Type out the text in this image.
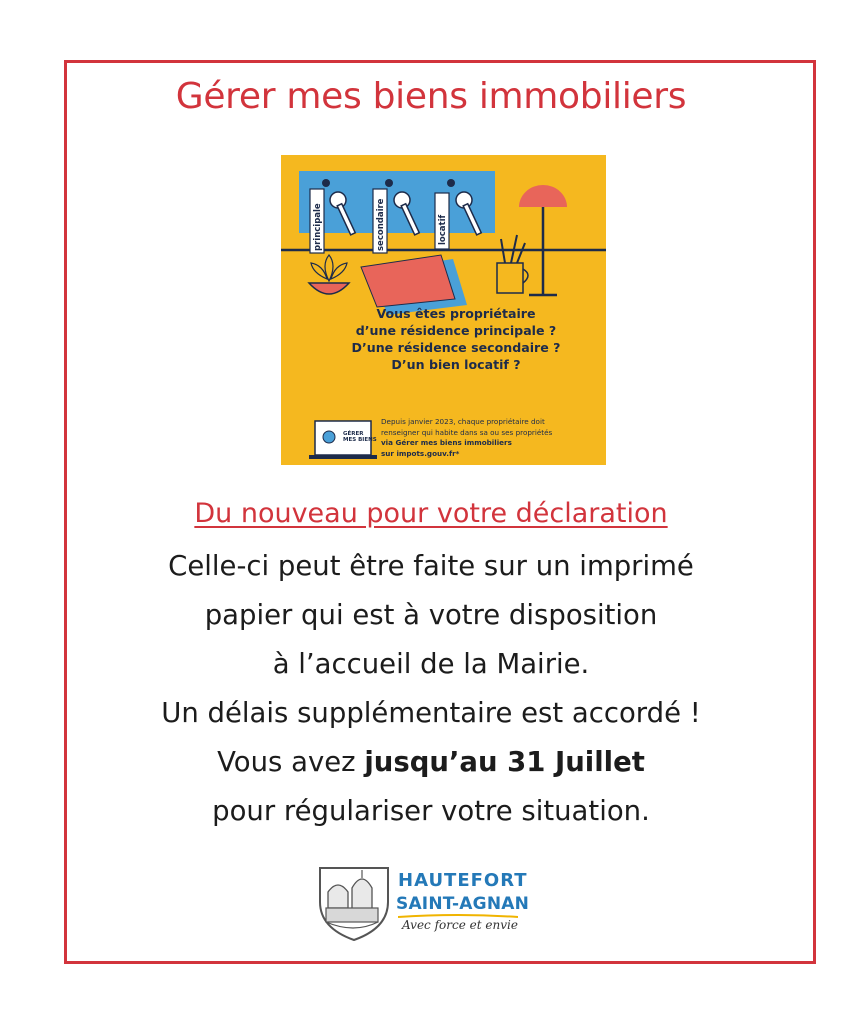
Gérer mes biens immobiliers
principale	secondaire	locatif
Vous êtes propriétaire
d’une résidence principale ?
D’une résidence secondaire ?
D’un bien locatif ?
GÉRER
MES BIENS
Depuis janvier 2023, chaque propriétaire doit
renseigner qui habite dans sa ou ses propriétés
via Gérer mes biens immobiliers
sur impots.gouv.fr*
Du nouveau pour votre déclaration
Celle-ci peut être faite sur un imprimé
papier qui est à votre disposition
à l’accueil de la Mairie.
Un délais supplémentaire est accordé !
Vous avez jusqu’au 31 Juillet
pour régulariser votre situation.
HAUTEFORT
SAINT-AGNAN
Avec force et envie
